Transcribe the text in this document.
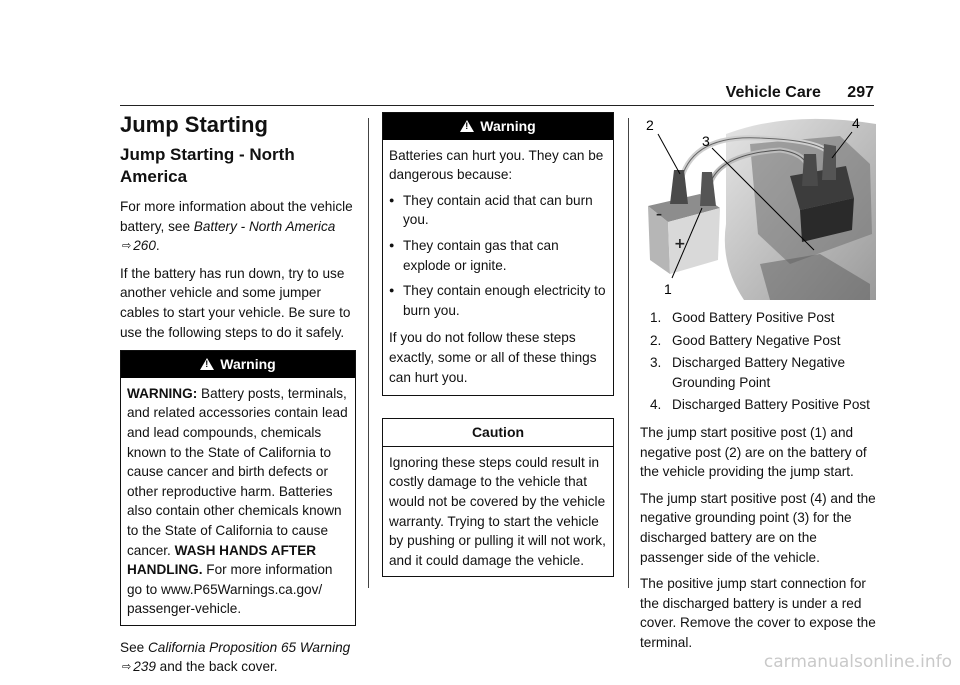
Vehicle Care 297
Jump Starting
Jump Starting - North America

For more information about the vehicle battery, see Battery - North America ⇨ 260.

If the battery has run down, try to use another vehicle and some jumper cables to start your vehicle. Be sure to use the following steps to do it safely.

!Warning
WARNING: Battery posts, terminals, and related accessories contain lead and lead compounds, chemicals known to the State of California to cause cancer and birth defects or other reproductive harm. Batteries also contain other chemicals known to the State of California to cause cancer. WASH HANDS AFTER HANDLING. For more information go to www.P65Warnings.ca.gov/ passenger-vehicle.

See California Proposition 65 Warning ⇨ 239 and the back cover.

!Warning

Batteries can hurt you. They can be dangerous because:

● They contain acid that can burn you.
● They contain gas that can explode or ignite.
● They contain enough electricity to burn you.

If you do not follow these steps exactly, some or all of these things can hurt you.

Caution
Ignoring these steps could result in costly damage to the vehicle that would not be covered by the vehicle warranty. Trying to start the vehicle by pushing or pulling it will not work, and it could damage the vehicle.
+
–
2
3
4
1
1. Good Battery Positive Post
2. Good Battery Negative Post
3. Discharged Battery Negative Grounding Point
4. Discharged Battery Positive Post

The jump start positive post (1) and negative post (2) are on the battery of the vehicle providing the jump start.

The jump start positive post (4) and the negative grounding point (3) for the discharged battery are on the passenger side of the vehicle.

The positive jump start connection for the discharged battery is under a red cover. Remove the cover to expose the terminal.

carmanualsonline.info
